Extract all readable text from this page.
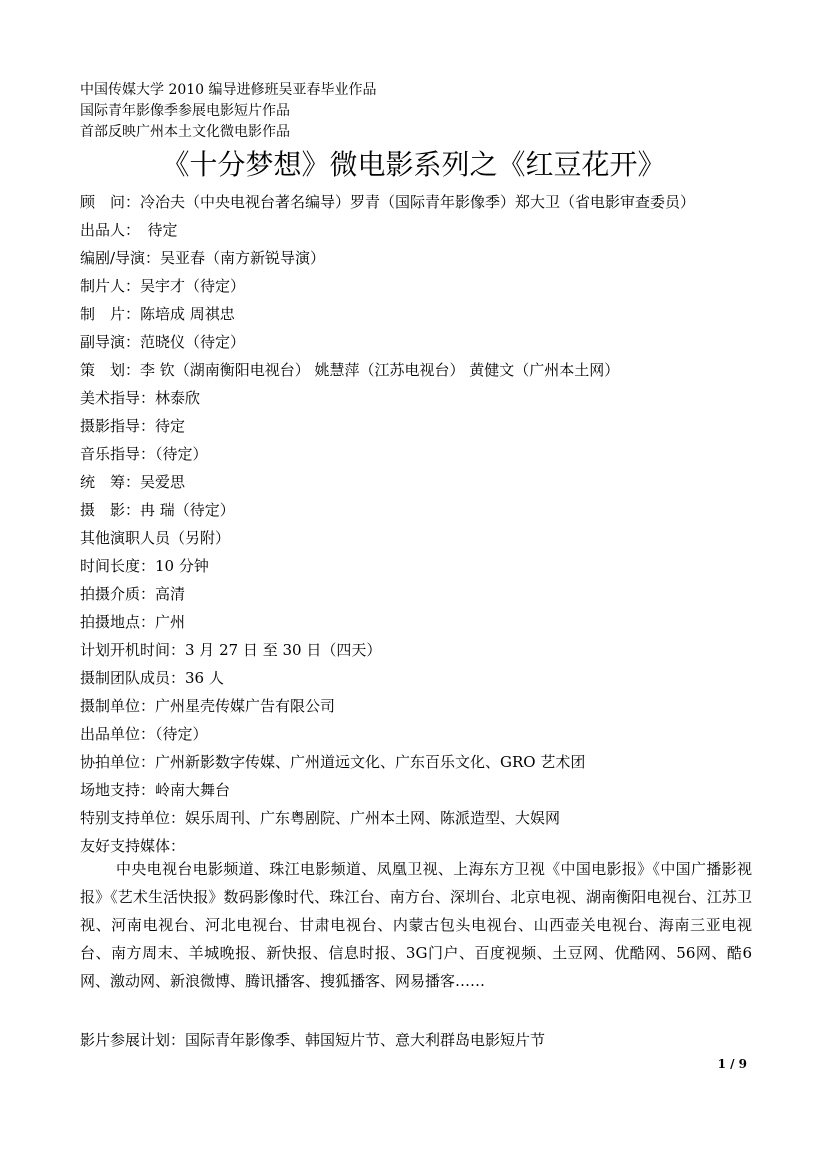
中国传媒大学 2010 编导进修班吴亚春毕业作品
国际青年影像季参展电影短片作品
首部反映广州本土文化微电影作品
《十分梦想》微电影系列之《红豆花开》
顾　问：冷冶夫（中央电视台著名编导）罗青（国际青年影像季）郑大卫（省电影审查委员）
出品人：　待定
编剧/导演：吴亚春（南方新锐导演）
制片人：吴宇才（待定）
制　片：陈培成 周祺忠
副导演：范晓仪（待定）
策　划：李 钦（湖南衡阳电视台） 姚慧萍（江苏电视台） 黄健文（广州本土网）
美术指导：林泰欣
摄影指导：待定
音乐指导：（待定）
统　筹：吴爱思
摄　影：冉 瑞（待定）
其他演职人员（另附）
时间长度：10 分钟
拍摄介质：高清
拍摄地点：广州
计划开机时间：3 月 27 日 至 30 日（四天）
摄制团队成员：36 人
摄制单位：广州星壳传媒广告有限公司
出品单位：（待定）
协拍单位：广州新影数字传媒、广州道远文化、广东百乐文化、GRO 艺术团
场地支持：岭南大舞台
特别支持单位：娱乐周刊、广东粤剧院、广州本土网、陈派造型、大娱网
友好支持媒体：
中央电视台电影频道、珠江电影频道、凤凰卫视、上海东方卫视《中国电影报》《中国广播影视报》《艺术生活快报》数码影像时代、珠江台、南方台、深圳台、北京电视、湖南衡阳电视台、江苏卫视、河南电视台、河北电视台、甘肃电视台、内蒙古包头电视台、山西壶关电视台、海南三亚电视台、南方周末、羊城晚报、新快报、信息时报、3G门户、百度视频、土豆网、优酷网、56网、酷6网、激动网、新浪微博、腾讯播客、搜狐播客、网易播客……
影片参展计划：国际青年影像季、韩国短片节、意大利群岛电影短片节
1 / 9
